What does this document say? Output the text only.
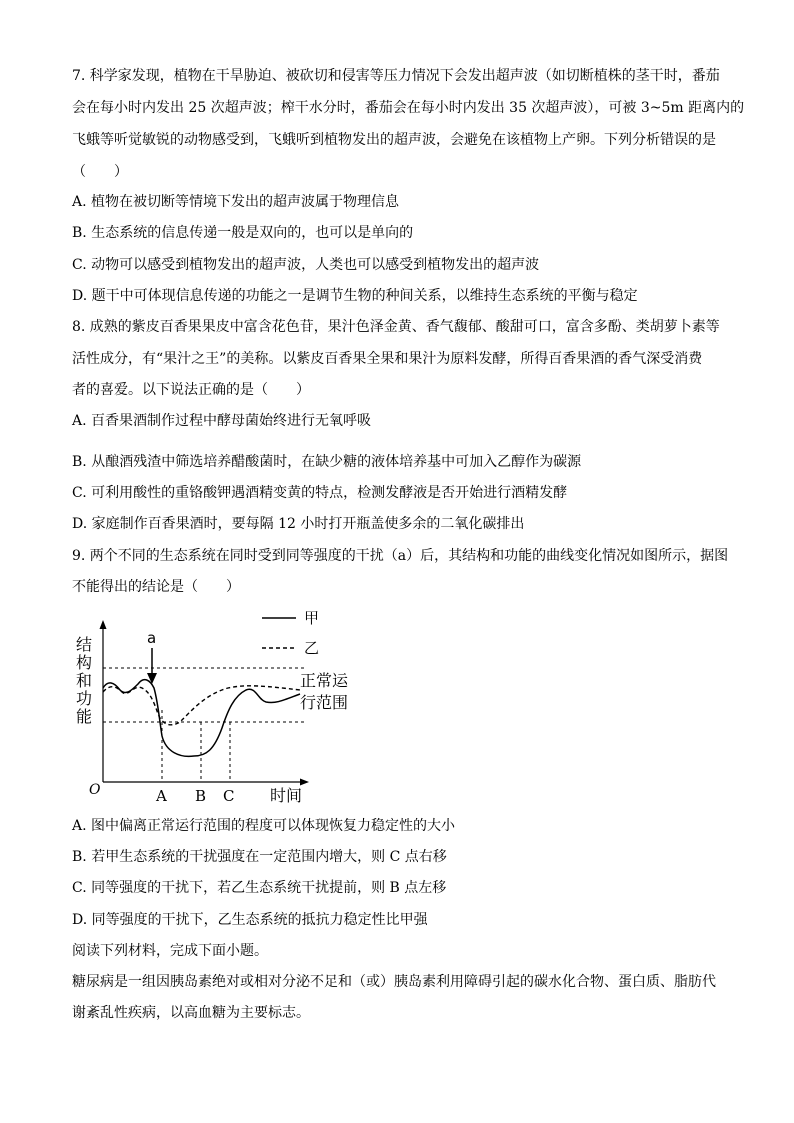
7. 科学家发现，植物在干旱胁迫、被砍切和侵害等压力情况下会发出超声波（如切断植株的茎干时，番茄
会在每小时内发出 25 次超声波；榨干水分时，番茄会在每小时内发出 35 次超声波），可被 3~5m 距离内的
飞蛾等听觉敏锐的动物感受到，飞蛾听到植物发出的超声波，会避免在该植物上产卵。下列分析错误的是
（　　）
A. 植物在被切断等情境下发出的超声波属于物理信息
B. 生态系统的信息传递一般是双向的，也可以是单向的
C. 动物可以感受到植物发出的超声波，人类也可以感受到植物发出的超声波
D. 题干中可体现信息传递的功能之一是调节生物的种间关系，以维持生态系统的平衡与稳定
8. 成熟的紫皮百香果果皮中富含花色苷，果汁色泽金黄、香气馥郁、酸甜可口，富含多酚、类胡萝卜素等
活性成分，有“果汁之王”的美称。以紫皮百香果全果和果汁为原料发酵，所得百香果酒的香气深受消费
者的喜爱。以下说法正确的是（　　）
A. 百香果酒制作过程中酵母菌始终进行无氧呼吸
B. 从酿酒残渣中筛选培养醋酸菌时，在缺少糖的液体培养基中可加入乙醇作为碳源
C. 可利用酸性的重铬酸钾遇酒精变黄的特点，检测发酵液是否开始进行酒精发酵
D. 家庭制作百香果酒时，要每隔 12 小时打开瓶盖使多余的二氧化碳排出
9. 两个不同的生态系统在同时受到同等强度的干扰（a）后，其结构和功能的曲线变化情况如图所示，据图
不能得出的结论是（　　）
结
构
和
功
能
O
a
甲
乙
正常运
行范围
A B C 时间
A. 图中偏离正常运行范围的程度可以体现恢复力稳定性的大小
B. 若甲生态系统的干扰强度在一定范围内增大，则 C 点右移
C. 同等强度的干扰下，若乙生态系统干扰提前，则 B 点左移
D. 同等强度的干扰下，乙生态系统的抵抗力稳定性比甲强
阅读下列材料，完成下面小题。
糖尿病是一组因胰岛素绝对或相对分泌不足和（或）胰岛素利用障碍引起的碳水化合物、蛋白质、脂肪代
谢紊乱性疾病，以高血糖为主要标志。
